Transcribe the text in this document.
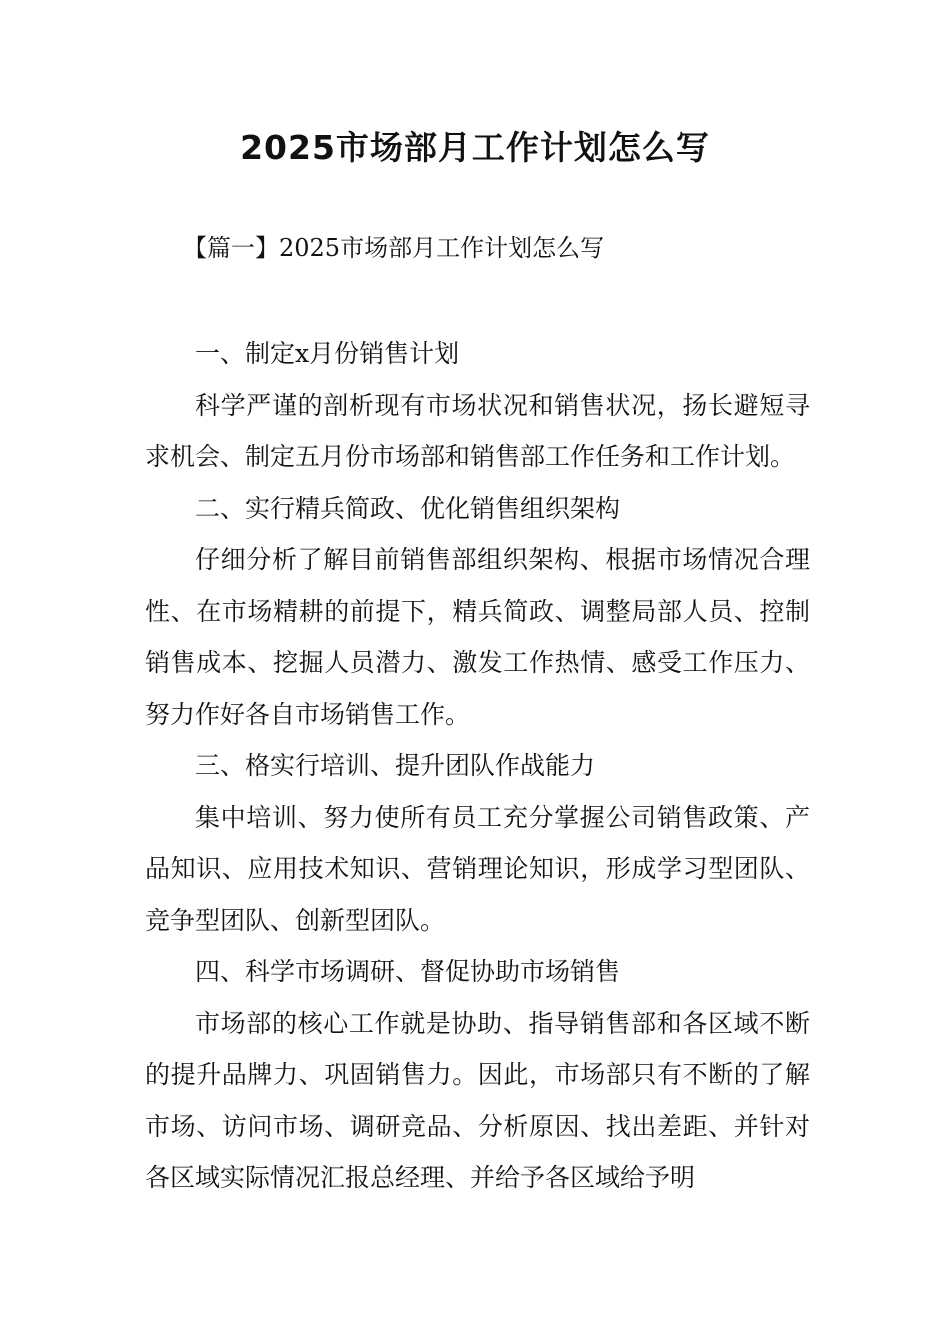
2025市场部月工作计划怎么写
【篇一】2025市场部月工作计划怎么写

一、制定x月份销售计划

科学严谨的剖析现有市场状况和销售状况，扬长避短寻求机会、制定五月份市场部和销售部工作任务和工作计划。

二、实行精兵简政、优化销售组织架构

仔细分析了解目前销售部组织架构、根据市场情况合理性、在市场精耕的前提下，精兵简政、调整局部人员、控制销售成本、挖掘人员潜力、激发工作热情、感受工作压力、努力作好各自市场销售工作。

三、格实行培训、提升团队作战能力

集中培训、努力使所有员工充分掌握公司销售政策、产品知识、应用技术知识、营销理论知识，形成学习型团队、竞争型团队、创新型团队。

四、科学市场调研、督促协助市场销售

市场部的核心工作就是协助、指导销售部和各区域不断的提升品牌力、巩固销售力。因此，市场部只有不断的了解市场、访问市场、调研竞品、分析原因、找出差距、并针对各区域实际情况汇报总经理、并给予各区域给予明
